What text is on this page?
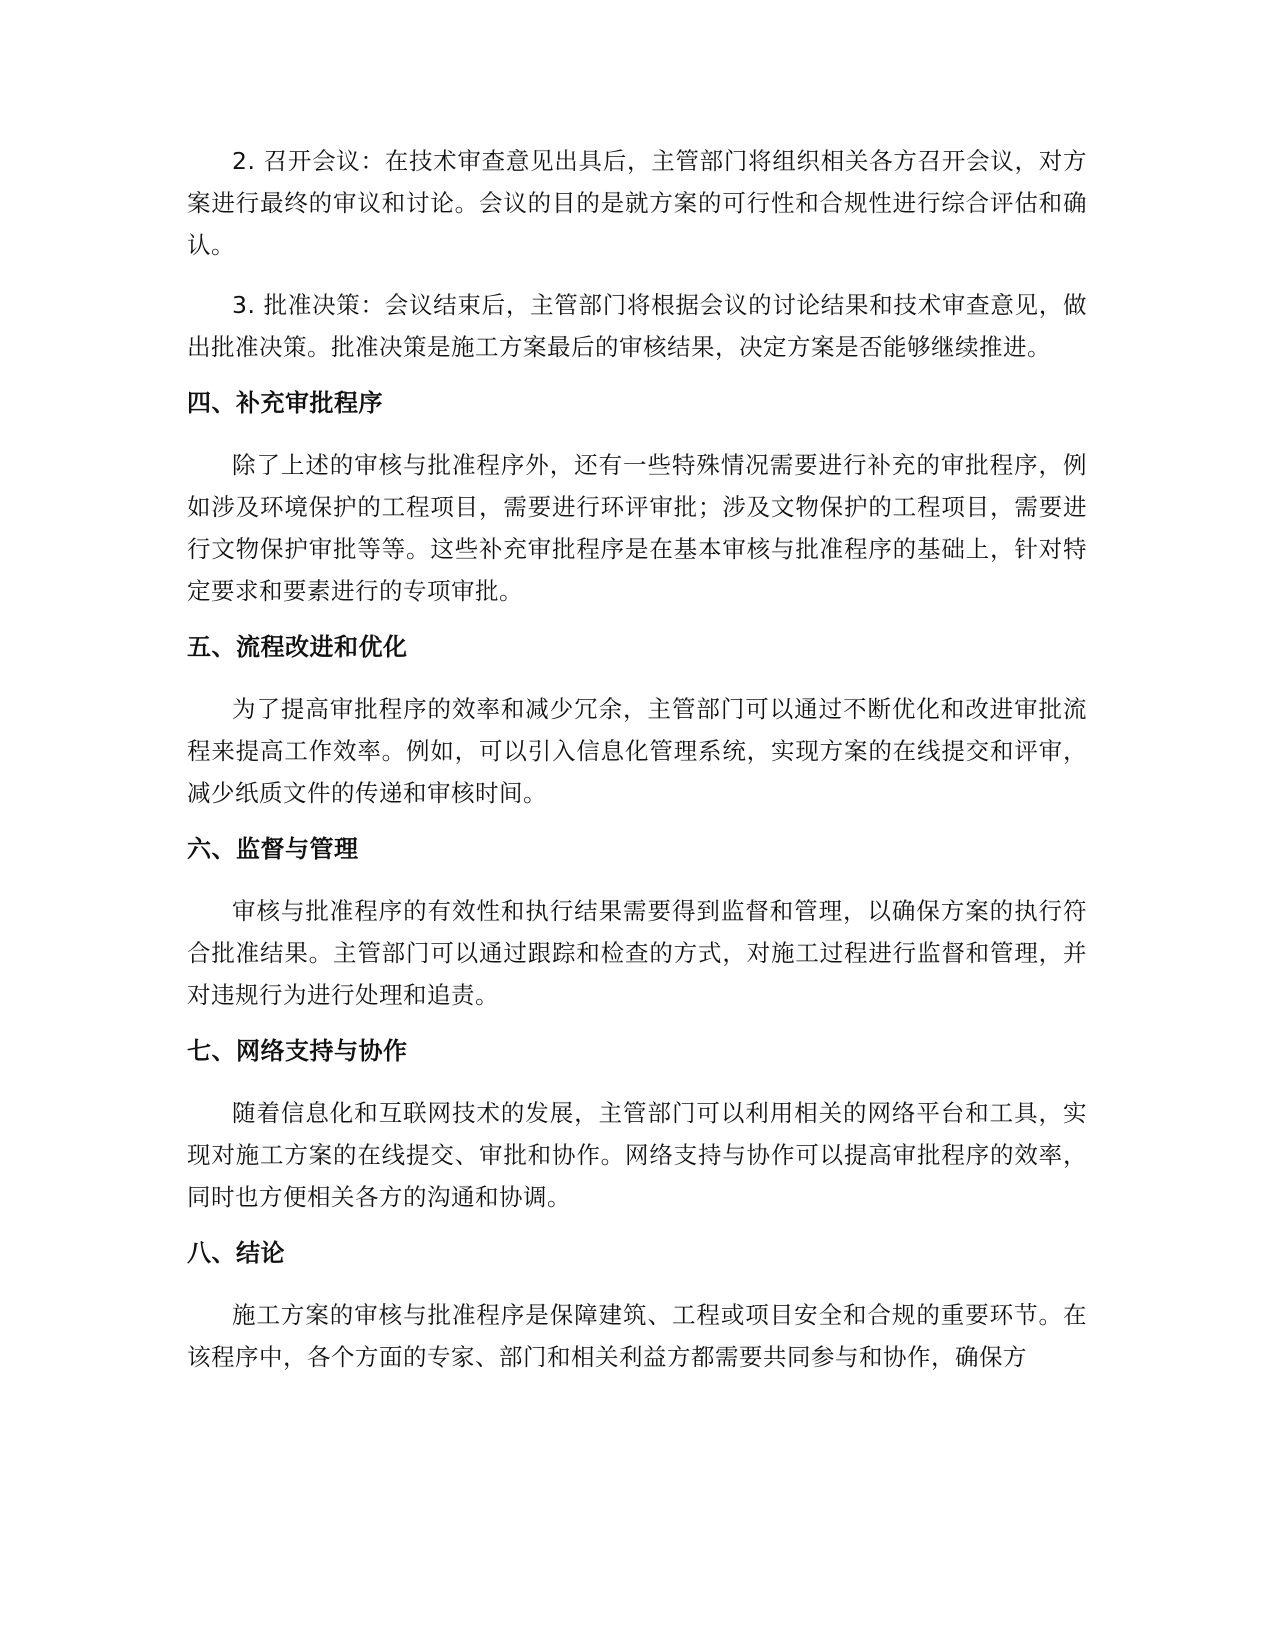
2. 召开会议：在技术审查意见出具后，主管部门将组织相关各方召开会议，对方案进行最终的审议和讨论。会议的目的是就方案的可行性和合规性进行综合评估和确认。

3. 批准决策：会议结束后，主管部门将根据会议的讨论结果和技术审查意见，做出批准决策。批准决策是施工方案最后的审核结果，决定方案是否能够继续推进。

四、补充审批程序

除了上述的审核与批准程序外，还有一些特殊情况需要进行补充的审批程序，例如涉及环境保护的工程项目，需要进行环评审批；涉及文物保护的工程项目，需要进行文物保护审批等等。这些补充审批程序是在基本审核与批准程序的基础上，针对特定要求和要素进行的专项审批。

五、流程改进和优化

为了提高审批程序的效率和减少冗余，主管部门可以通过不断优化和改进审批流程来提高工作效率。例如，可以引入信息化管理系统，实现方案的在线提交和评审，减少纸质文件的传递和审核时间。

六、监督与管理

审核与批准程序的有效性和执行结果需要得到监督和管理，以确保方案的执行符合批准结果。主管部门可以通过跟踪和检查的方式，对施工过程进行监督和管理，并对违规行为进行处理和追责。

七、网络支持与协作

随着信息化和互联网技术的发展，主管部门可以利用相关的网络平台和工具，实现对施工方案的在线提交、审批和协作。网络支持与协作可以提高审批程序的效率，同时也方便相关各方的沟通和协调。

八、结论

施工方案的审核与批准程序是保障建筑、工程或项目安全和合规的重要环节。在该程序中，各个方面的专家、部门和相关利益方都需要共同参与和协作，确保方
